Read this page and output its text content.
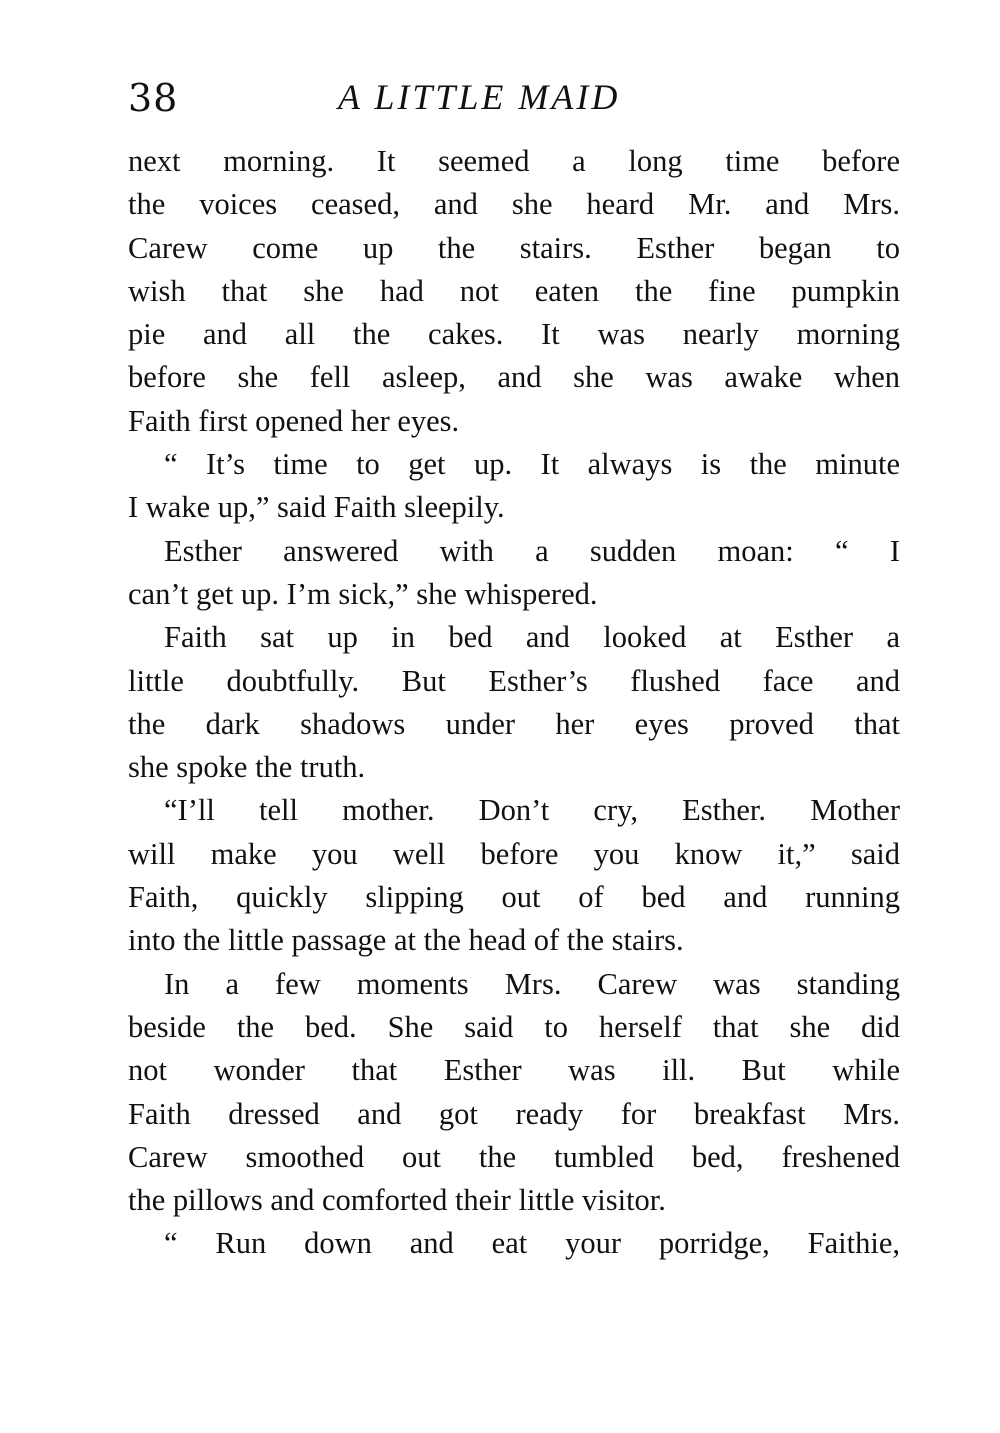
38	A LITTLE MAID
next morning. It seemed a long time before
the voices ceased, and she heard Mr. and Mrs.
Carew come up the stairs. Esther began to
wish that she had not eaten the fine pumpkin
pie and all the cakes. It was nearly morning
before she fell asleep, and she was awake when
Faith first opened her eyes.
“ It’s time to get up. It always is the minute
I wake up,” said Faith sleepily.
Esther answered with a sudden moan: “ I
can’t get up. I’m sick,” she whispered.
Faith sat up in bed and looked at Esther a
little doubtfully. But Esther’s flushed face and
the dark shadows under her eyes proved that
she spoke the truth.
“I’ll tell mother. Don’t cry, Esther. Mother
will make you well before you know it,” said
Faith, quickly slipping out of bed and running
into the little passage at the head of the stairs.
In a few moments Mrs. Carew was standing
beside the bed. She said to herself that she did
not wonder that Esther was ill. But while
Faith dressed and got ready for breakfast Mrs.
Carew smoothed out the tumbled bed, freshened
the pillows and comforted their little visitor.
“ Run down and eat your porridge, Faithie,
